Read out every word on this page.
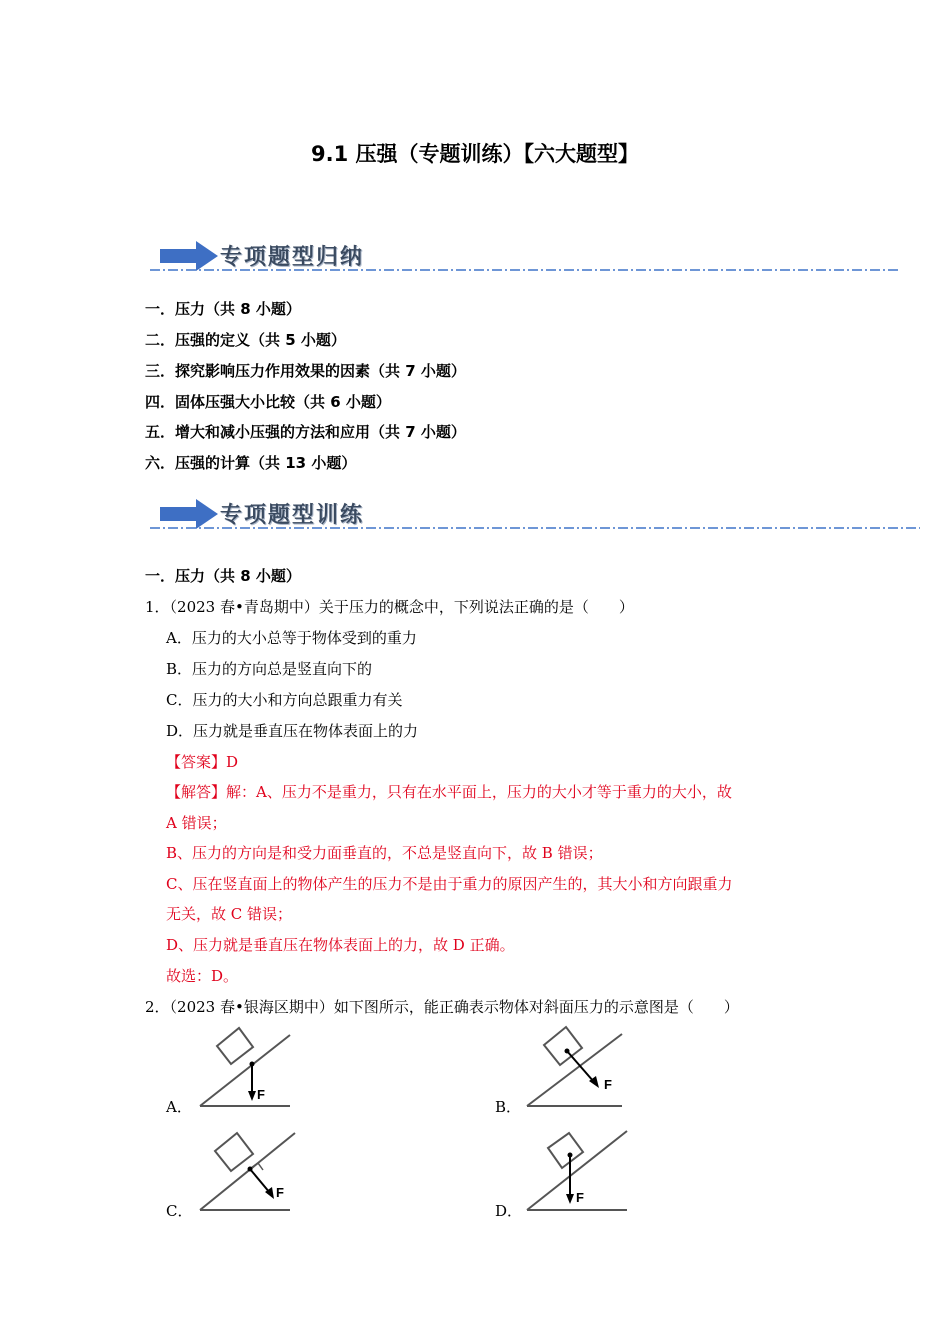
9.1 压强（专题训练）【六大题型】
专项题型归纳
一．压力（共 8 小题）
二．压强的定义（共 5 小题）
三．探究影响压力作用效果的因素（共 7 小题）
四．固体压强大小比较（共 6 小题）
五．增大和减小压强的方法和应用（共 7 小题）
六．压强的计算（共 13 小题）
专项题型训练
一．压力（共 8 小题）
1．（2023 春•青岛期中）关于压力的概念中，下列说法正确的是（　　）
A．压力的大小总等于物体受到的重力
B．压力的方向总是竖直向下的
C．压力的大小和方向总跟重力有关
D．压力就是垂直压在物体表面上的力
【答案】D
【解答】解：A、压力不是重力，只有在水平面上，压力的大小才等于重力的大小，故
A 错误；
B、压力的方向是和受力面垂直的，不总是竖直向下，故 B 错误；
C、压在竖直面上的物体产生的压力不是由于重力的原因产生的，其大小和方向跟重力
无关，故 C 错误；
D、压力就是垂直压在物体表面上的力，故 D 正确。
故选：D。
2．（2023 春•银海区期中）如下图所示，能正确表示物体对斜面压力的示意图是（　　）
A．
F
B．
F
C．
F
D．
F
